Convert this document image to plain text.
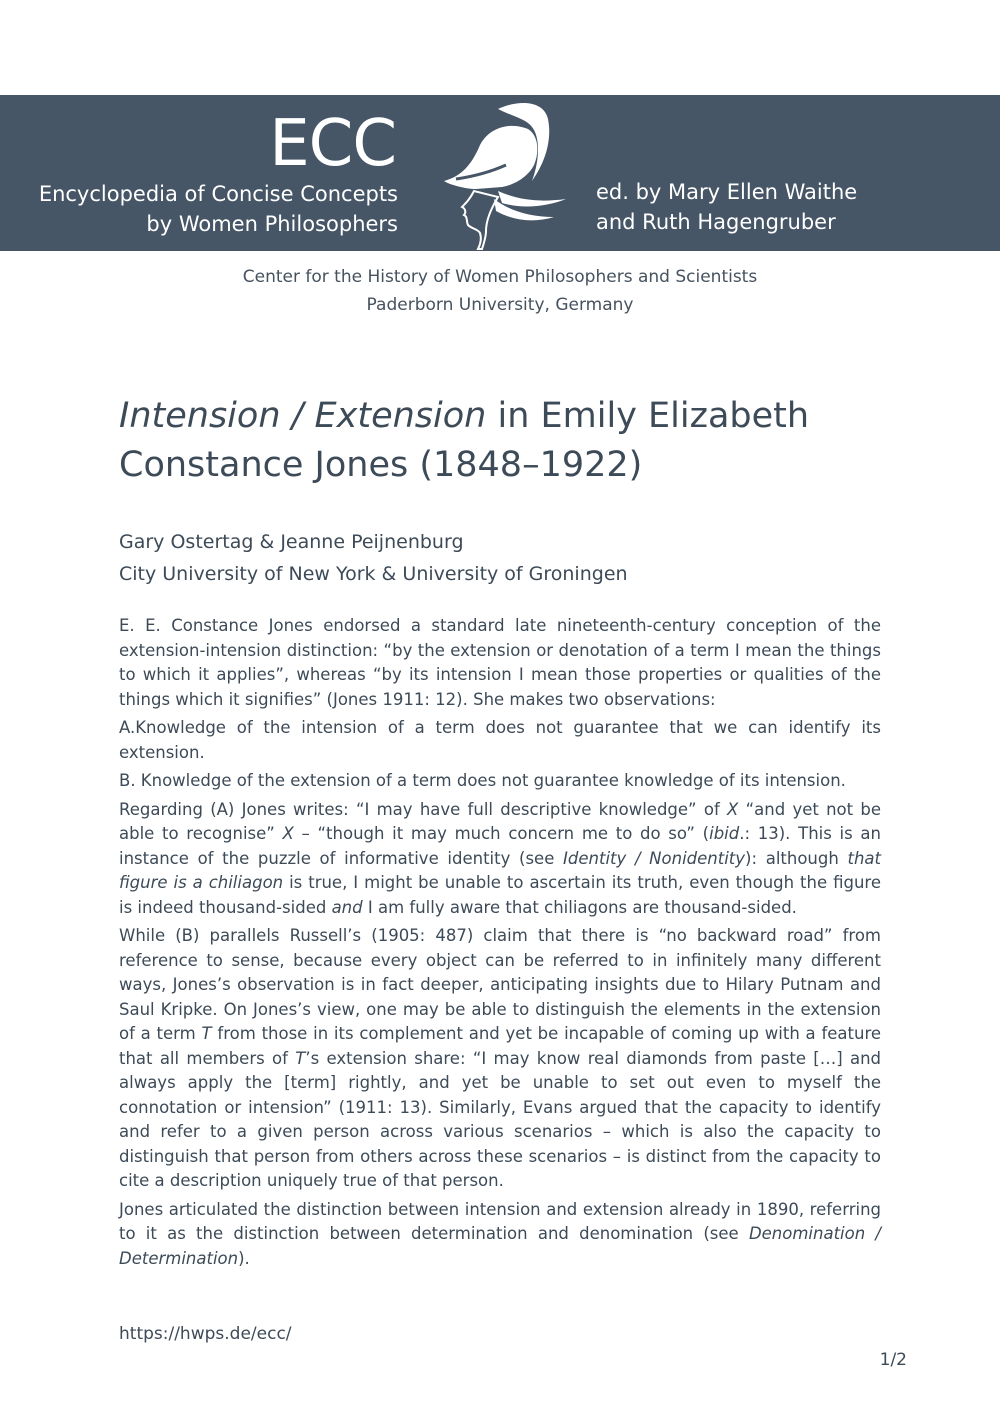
ECC
Encyclopedia of Concise Concepts
by Women Philosophers
ed. by Mary Ellen Waithe
and Ruth Hagengruber
Center for the History of Women Philosophers and Scientists
Paderborn University, Germany
Intension / Extension in Emily Elizabeth Constance Jones (1848–1922)
Gary Ostertag & Jeanne Peijnenburg
City University of New York & University of Groningen

E. E. Constance Jones endorsed a standard late nineteenth-century conception of the extension-intension distinction: “by the extension or denotation of a term I mean the things to which it applies”, whereas “by its intension I mean those properties or qualities of the things which it signifies” (Jones 1911: 12). She makes two observations:

A.Knowledge of the intension of a term does not guarantee that we can identify its extension.

B. Knowledge of the extension of a term does not guarantee knowledge of its intension.

Regarding (A) Jones writes: “I may have full descriptive knowledge” of X “and yet not be able to recognise” X – “though it may much concern me to do so” (ibid.: 13). This is an instance of the puzzle of informative identity (see Identity / Nonidentity): although that figure is a chiliagon is true, I might be unable to ascertain its truth, even though the figure is indeed thousand-sided and I am fully aware that chiliagons are thousand-sided.

While (B) parallels Russell’s (1905: 487) claim that there is “no backward road” from reference to sense, because every object can be referred to in infinitely many different ways, Jones’s observation is in fact deeper, anticipating insights due to Hilary Putnam and Saul Kripke. On Jones’s view, one may be able to distinguish the elements in the extension of a term T from those in its complement and yet be incapable of coming up with a feature that all members of T’s extension share: “I may know real diamonds from paste […] and always apply the [term] rightly, and yet be unable to set out even to myself the connotation or intension” (1911: 13). Similarly, Evans argued that the capacity to identify and refer to a given person across various scenarios – which is also the capacity to distinguish that person from others across these scenarios – is distinct from the capacity to cite a description uniquely true of that person.

Jones articulated the distinction between intension and extension already in 1890, referring to it as the distinction between determination and denomination (see Denomination / Determination).

https://hwps.de/ecc/
1/2
